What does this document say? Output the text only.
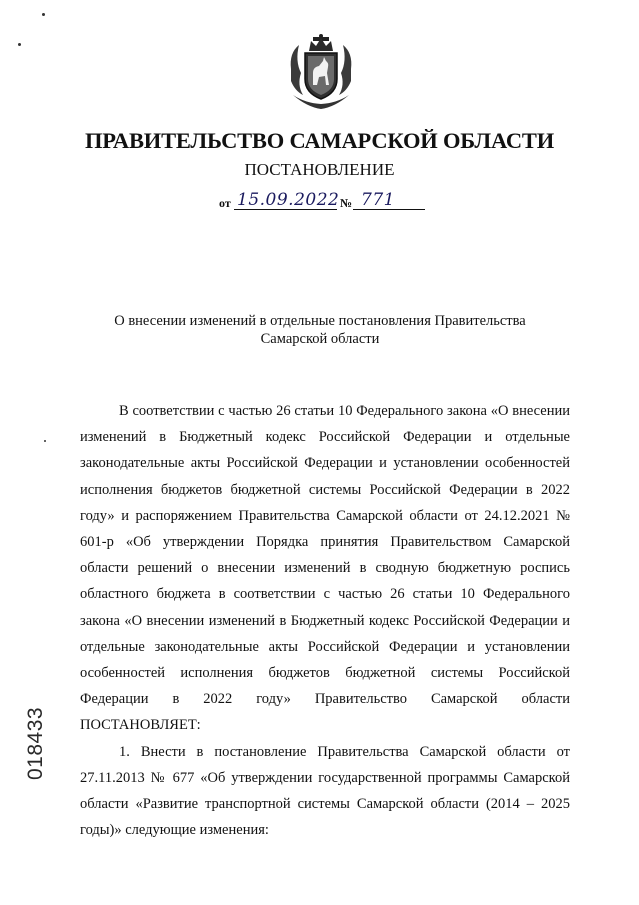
ПРАВИТЕЛЬСТВО САМАРСКОЙ ОБЛАСТИ
ПОСТАНОВЛЕНИЕ
от 15.09.2022 № 771
О внесении изменений в отдельные постановления Правительства Самарской области

В соответствии с частью 26 статьи 10 Федерального закона «О внесении изменений в Бюджетный кодекс Российской Федерации и отдельные законодательные акты Российской Федерации и установлении особенностей исполнения бюджетов бюджетной системы Российской Федерации в 2022 году» и распоряжением Правительства Самарской области от 24.12.2021 № 601-р «Об утверждении Порядка принятия Правительством Самарской области решений о внесении изменений в сводную бюджетную роспись областного бюджета в соответствии с частью 26 статьи 10 Федерального закона «О внесении изменений в Бюджетный кодекс Российской Федерации и отдельные законодательные акты Российской Федерации и установлении особенностей исполнения бюджетов бюджетной системы Российской Федерации в 2022 году» Правительство Самарской области ПОСТАНОВЛЯЕТ:

1. Внести в постановление Правительства Самарской области от 27.11.2013 № 677 «Об утверждении государственной программы Самарской области «Развитие транспортной системы Самарской области (2014 – 2025 годы)» следующие изменения:

018433
